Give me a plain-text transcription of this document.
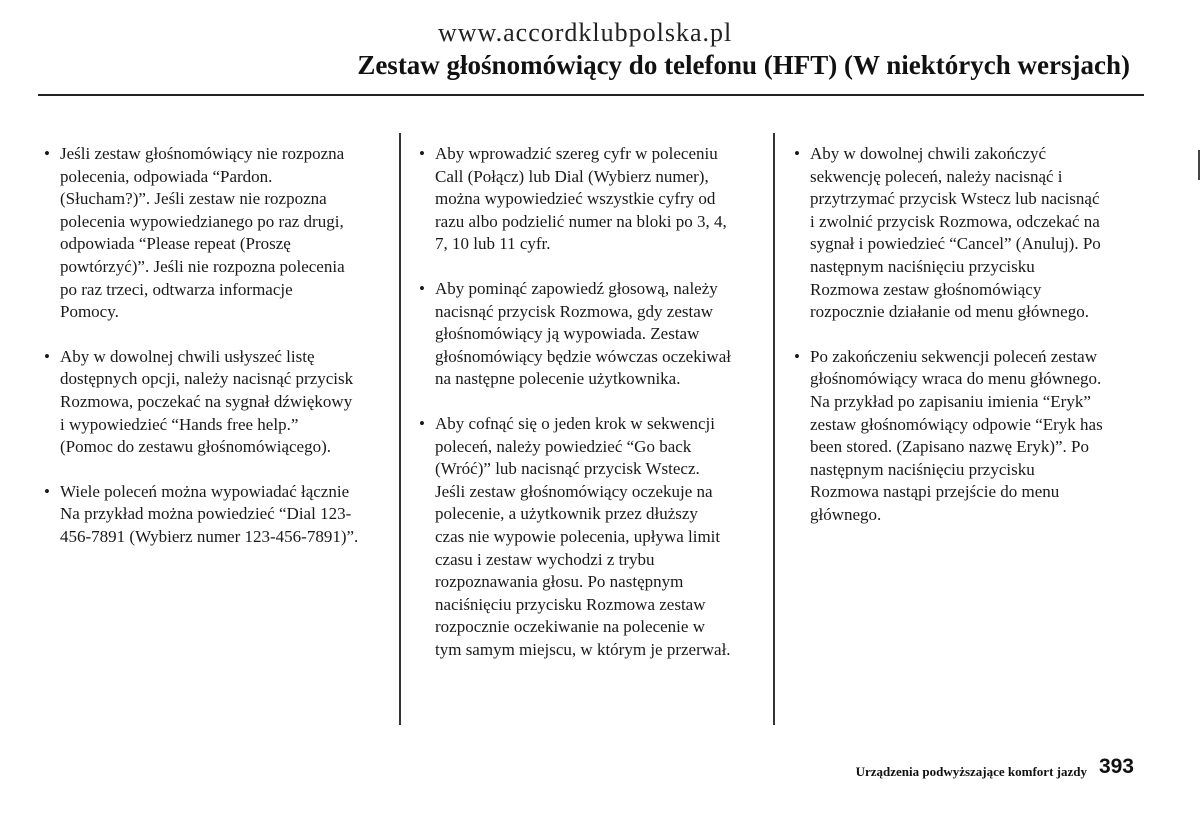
www.accordklubpolska.pl
Zestaw głośnomówiący do telefonu (HFT) (W niektórych wersjach)
• Jeśli zestaw głośnomówiący nie rozpozna
polecenia, odpowiada “Pardon.
(Słucham?)”. Jeśli zestaw nie rozpozna
polecenia wypowiedzianego po raz drugi,
odpowiada “Please repeat (Proszę
powtórzyć)”. Jeśli nie rozpozna polecenia
po raz trzeci, odtwarza informacje
Pomocy.
• Aby w dowolnej chwili usłyszeć listę
dostępnych opcji, należy nacisnąć przycisk
Rozmowa, poczekać na sygnał dźwiękowy
i wypowiedzieć “Hands free help.”
(Pomoc do zestawu głośnomówiącego).
• Wiele poleceń można wypowiadać łącznie
Na przykład można powiedzieć “Dial 123-
456-7891 (Wybierz numer 123-456-7891)”.
• Aby wprowadzić szereg cyfr w poleceniu
Call (Połącz) lub Dial (Wybierz numer),
można wypowiedzieć wszystkie cyfry od
razu albo podzielić numer na bloki po 3, 4,
7, 10 lub 11 cyfr.
• Aby pominąć zapowiedź głosową, należy
nacisnąć przycisk Rozmowa, gdy zestaw
głośnomówiący ją wypowiada. Zestaw
głośnomówiący będzie wówczas oczekiwał
na następne polecenie użytkownika.
• Aby cofnąć się o jeden krok w sekwencji
poleceń, należy powiedzieć “Go back
(Wróć)” lub nacisnąć przycisk Wstecz.
Jeśli zestaw głośnomówiący oczekuje na
polecenie, a użytkownik przez dłuższy
czas nie wypowie polecenia, upływa limit
czasu i zestaw wychodzi z trybu
rozpoznawania głosu. Po następnym
naciśnięciu przycisku Rozmowa zestaw
rozpocznie oczekiwanie na polecenie w
tym samym miejscu, w którym je przerwał.
• Aby w dowolnej chwili zakończyć
sekwencję poleceń, należy nacisnąć i
przytrzymać przycisk Wstecz lub nacisnąć
i zwolnić przycisk Rozmowa, odczekać na
sygnał i powiedzieć “Cancel” (Anuluj). Po
następnym naciśnięciu przycisku
Rozmowa zestaw głośnomówiący
rozpocznie działanie od menu głównego.
• Po zakończeniu sekwencji poleceń zestaw
głośnomówiący wraca do menu głównego.
Na przykład po zapisaniu imienia “Eryk”
zestaw głośnomówiący odpowie “Eryk has
been stored. (Zapisano nazwę Eryk)”. Po
następnym naciśnięciu przycisku
Rozmowa nastąpi przejście do menu
głównego.
Urządzenia podwyższające komfort jazdy 393
